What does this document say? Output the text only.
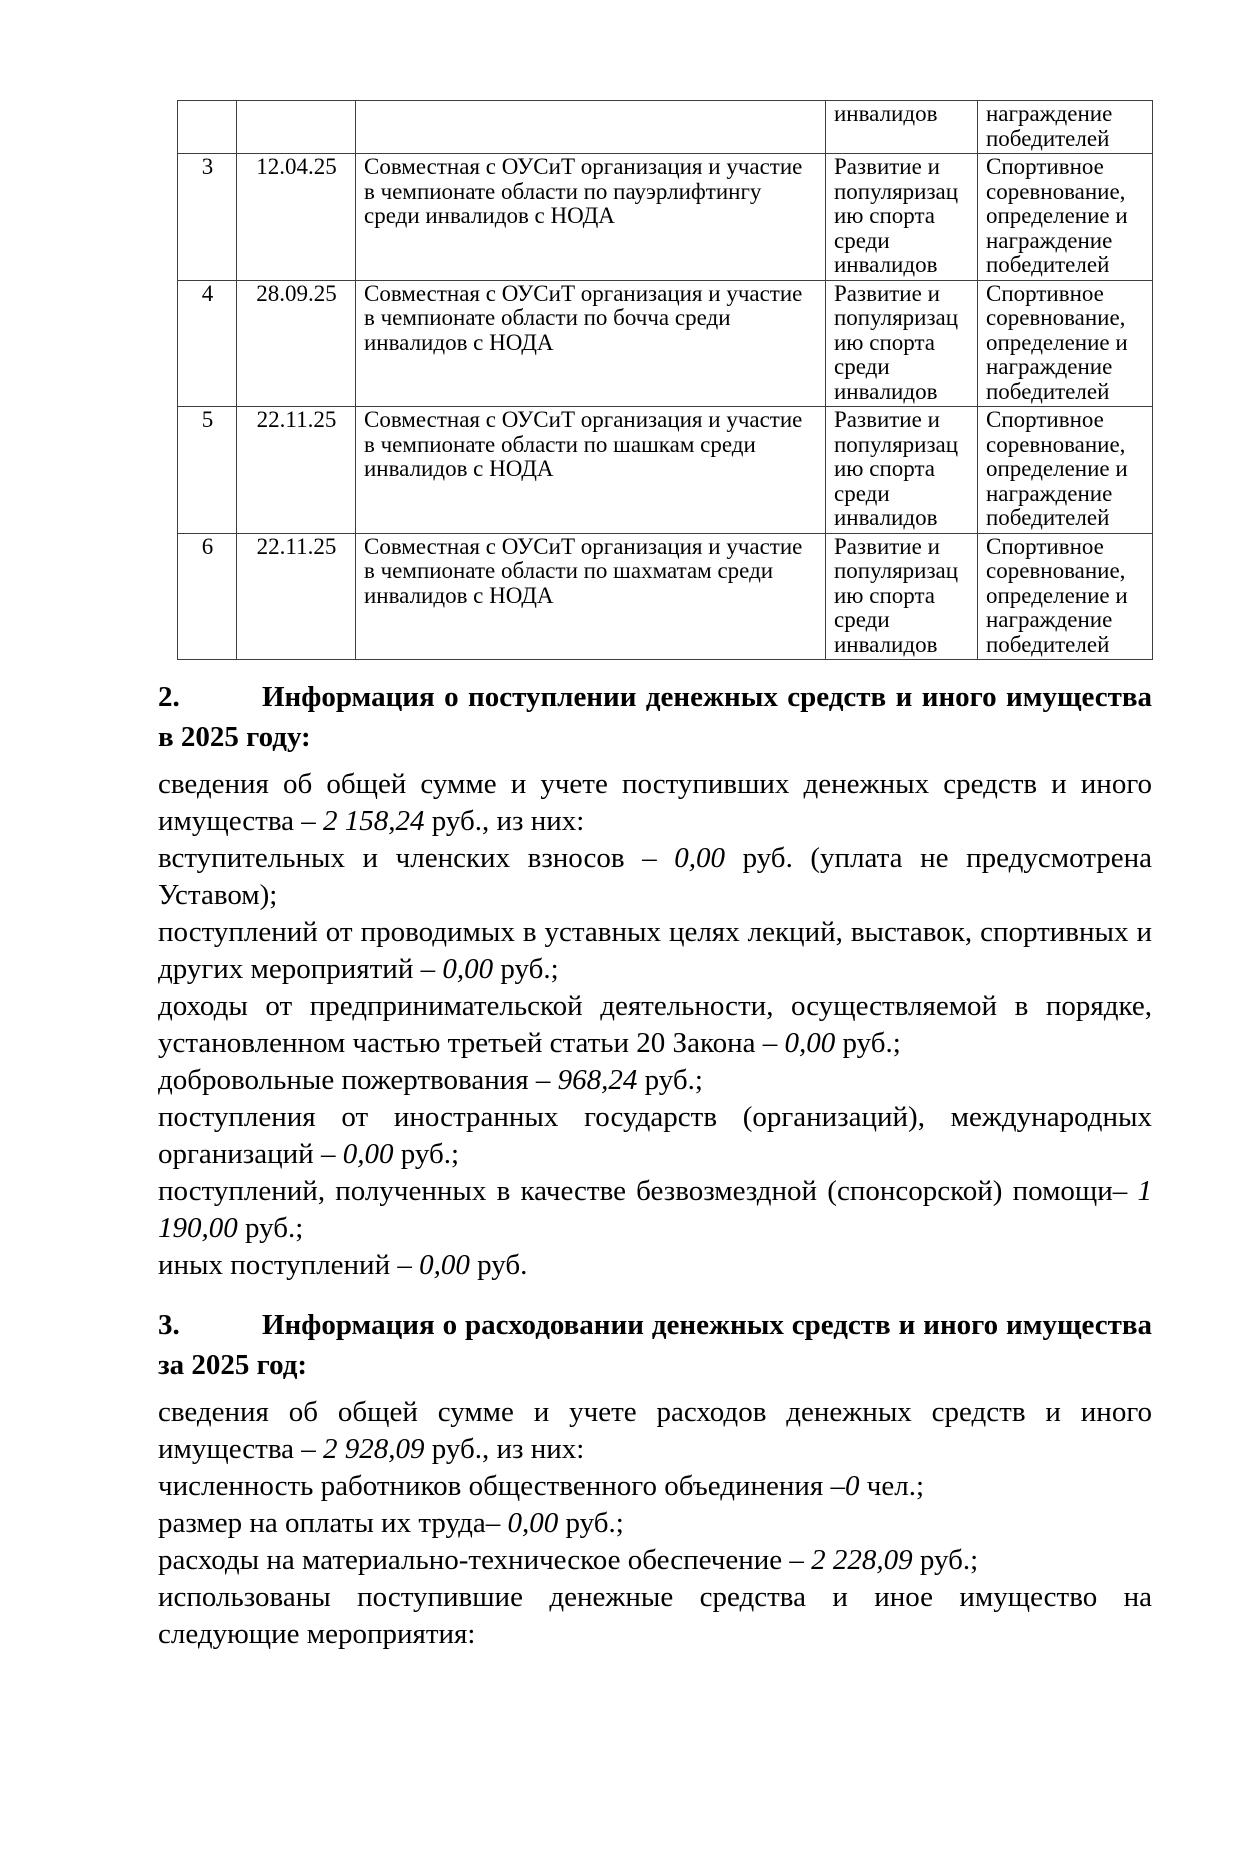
			инвалидов	награждение победителей
3	12.04.25	Совместная с ОУСиТ организация и участие в чемпионате области по пауэрлифтингу среди инвалидов с НОДА	Развитие и популяризацию спорта среди инвалидов	Спортивное соревнование, определение и награждение победителей
4	28.09.25	Совместная с ОУСиТ организация и участие в чемпионате области по бочча среди инвалидов с НОДА	Развитие и популяризацию спорта среди инвалидов	Спортивное соревнование, определение и награждение победителей
5	22.11.25	Совместная с ОУСиТ организация и участие в чемпионате области по шашкам среди инвалидов с НОДА	Развитие и популяризацию спорта среди инвалидов	Спортивное соревнование, определение и награждение победителей
6	22.11.25	Совместная с ОУСиТ организация и участие в чемпионате области по шахматам среди инвалидов с НОДА	Развитие и популяризацию спорта среди инвалидов	Спортивное соревнование, определение и награждение победителей

2.	Информация о поступлении денежных средств и иного имущества в 2025 году:

сведения об общей сумме и учете поступивших денежных средств и иного имущества – 2 158,24 руб., из них:

вступительных и членских взносов – 0,00 руб. (уплата не предусмотрена Уставом);

поступлений от проводимых в уставных целях лекций, выставок, спортивных и других мероприятий – 0,00 руб.;

доходы от предпринимательской деятельности, осуществляемой в порядке, установленном частью третьей статьи 20 Закона – 0,00 руб.;

добровольные пожертвования – 968,24 руб.;

поступления от иностранных государств (организаций), международных организаций – 0,00 руб.;

поступлений, полученных в качестве безвозмездной (спонсорской) помощи– 1 190,00 руб.;

иных поступлений – 0,00 руб.

3.	Информация о расходовании денежных средств и иного имущества за 2025 год:

сведения об общей сумме и учете расходов денежных средств и иного имущества – 2 928,09 руб., из них:

численность работников общественного объединения –0 чел.;

размер на оплаты их труда– 0,00 руб.;

расходы на материально-техническое обеспечение – 2 228,09 руб.;

использованы поступившие денежные средства и иное имущество на следующие мероприятия:
